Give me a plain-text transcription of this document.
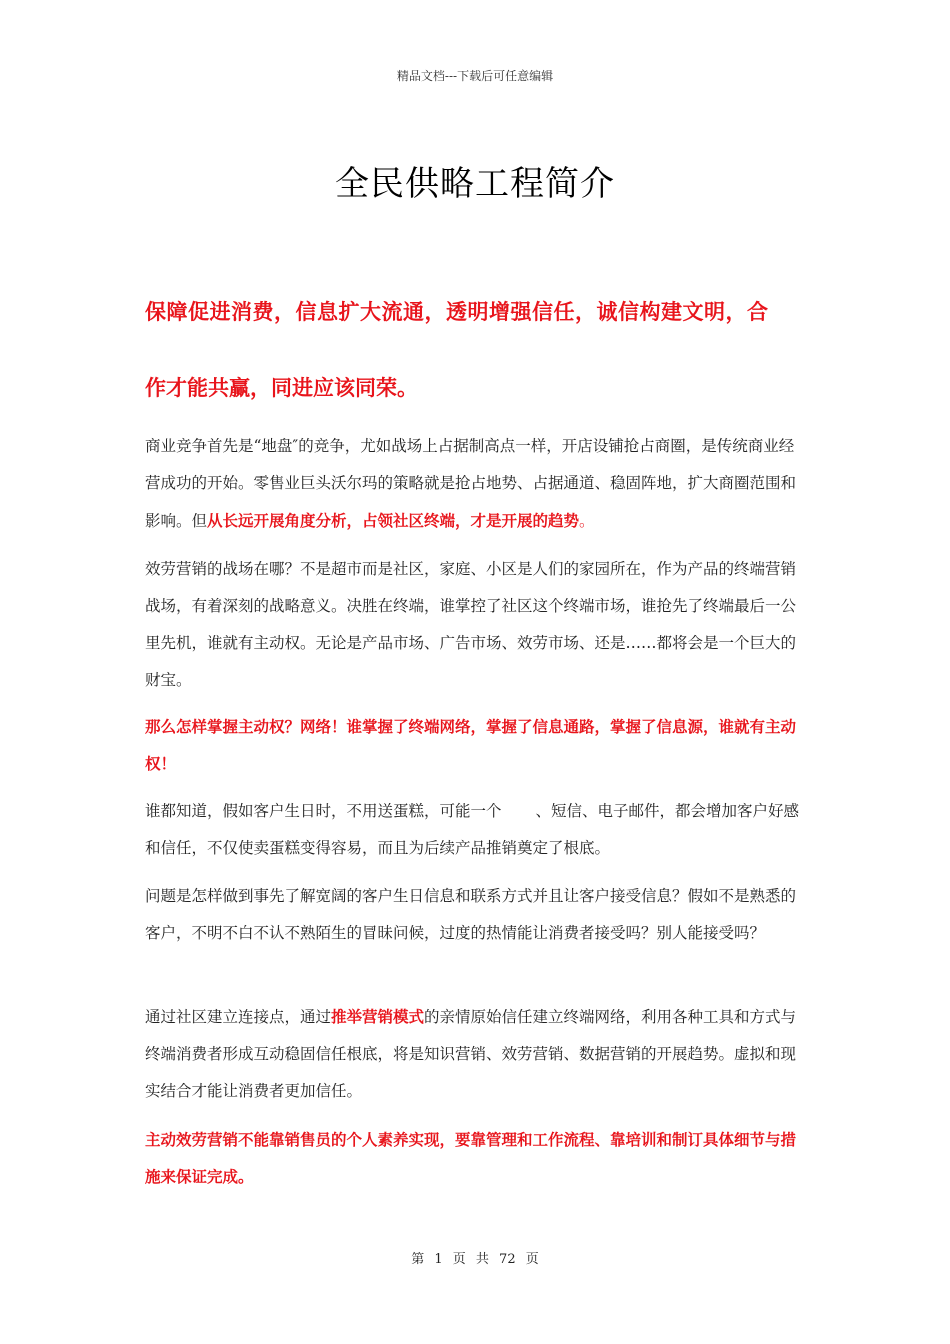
精品文档---下载后可任意编辑
全民供略工程简介
保障促进消费，信息扩大流通，透明增强信任，诚信构建文明，合
作才能共赢，同进应该同荣。
商业竞争首先是“地盘″的竞争，尤如战场上占据制高点一样，开店设铺抢占商圈，是传统商业经营成功的开始。零售业巨头沃尔玛的策略就是抢占地势、占据通道、稳固阵地，扩大商圈范围和影响。但从长远开展角度分析，占领社区终端，才是开展的趋势。
效劳营销的战场在哪？不是超市而是社区，家庭、小区是人们的家园所在，作为产品的终端营销战场，有着深刻的战略意义。决胜在终端，谁掌控了社区这个终端市场，谁抢先了终端最后一公里先机，谁就有主动权。无论是产品市场、广告市场、效劳市场、还是……都将会是一个巨大的财宝。
那么怎样掌握主动权？网络！谁掌握了终端网络，掌握了信息通路，掌握了信息源，谁就有主动权！
谁都知道，假如客户生日时，不用送蛋糕，可能一个 、短信、电子邮件，都会增加客户好感和信任，不仅使卖蛋糕变得容易，而且为后续产品推销奠定了根底。
问题是怎样做到事先了解宽阔的客户生日信息和联系方式并且让客户接受信息？假如不是熟悉的客户，不明不白不认不熟陌生的冒昧问候，过度的热情能让消费者接受吗？别人能接受吗？
通过社区建立连接点，通过推举营销模式的亲情原始信任建立终端网络，利用各种工具和方式与终端消费者形成互动稳固信任根底，将是知识营销、效劳营销、数据营销的开展趋势。虚拟和现实结合才能让消费者更加信任。
主动效劳营销不能靠销售员的个人素养实现，要靠管理和工作流程、靠培训和制订具体细节与措施来保证完成。
第 1 页 共 72 页
